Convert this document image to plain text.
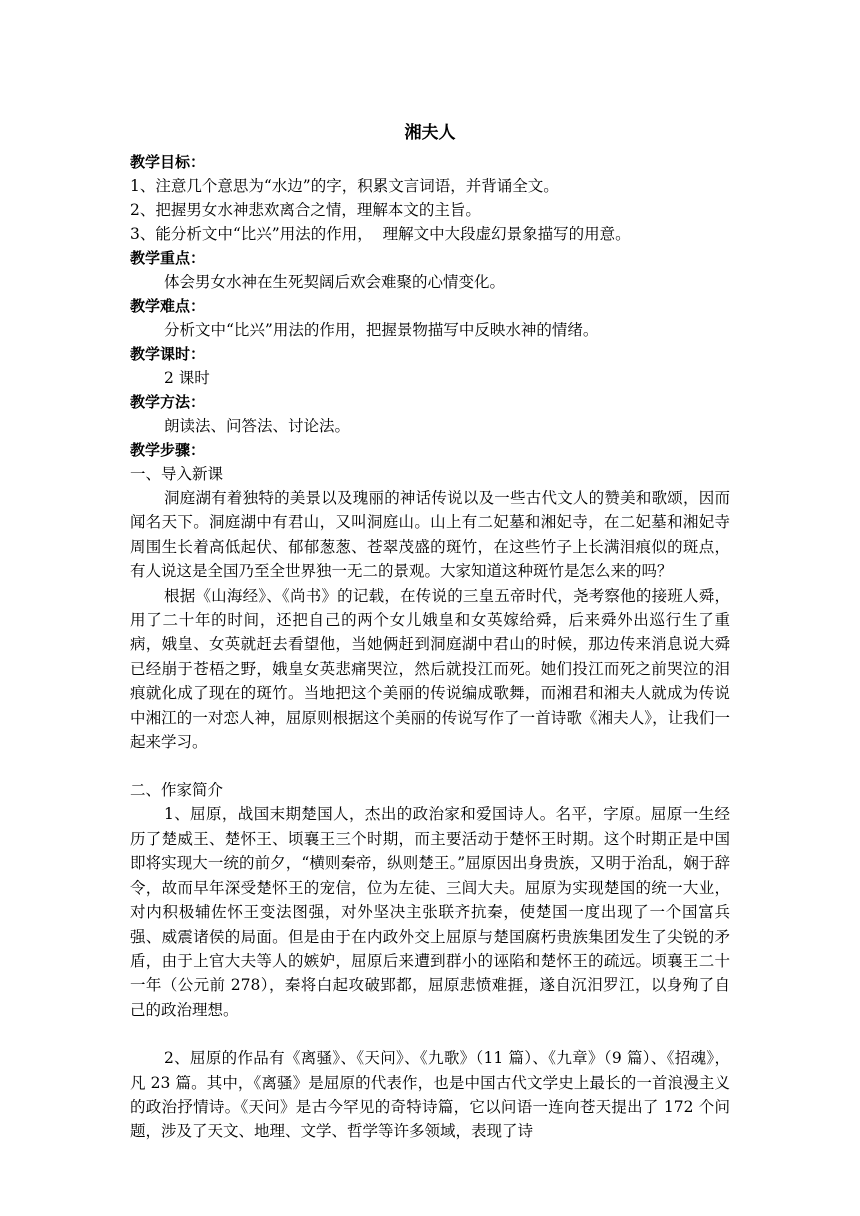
湘夫人
教学目标：
1、注意几个意思为“水边”的字，积累文言词语，并背诵全文。
2、把握男女水神悲欢离合之情，理解本文的主旨。
3、能分析文中“比兴”用法的作用，  理解文中大段虚幻景象描写的用意。
教学重点：
体会男女水神在生死契阔后欢会难聚的心情变化。
教学难点：
分析文中“比兴”用法的作用，把握景物描写中反映水神的情绪。
教学课时：
2 课时
教学方法：
朗读法、问答法、讨论法。
教学步骤：
一、导入新课

洞庭湖有着独特的美景以及瑰丽的神话传说以及一些古代文人的赞美和歌颂，因而闻名天下。洞庭湖中有君山，又叫洞庭山。山上有二妃墓和湘妃寺，在二妃墓和湘妃寺周围生长着高低起伏、郁郁葱葱、苍翠茂盛的斑竹，在这些竹子上长满泪痕似的斑点，有人说这是全国乃至全世界独一无二的景观。大家知道这种斑竹是怎么来的吗？

根据《山海经》、《尚书》的记载，在传说的三皇五帝时代，尧考察他的接班人舜，用了二十年的时间，还把自己的两个女儿娥皇和女英嫁给舜，后来舜外出巡行生了重病，娥皇、女英就赶去看望他，当她俩赶到洞庭湖中君山的时候，那边传来消息说大舜已经崩于苍梧之野，娥皇女英悲痛哭泣，然后就投江而死。她们投江而死之前哭泣的泪痕就化成了现在的斑竹。当地把这个美丽的传说编成歌舞，而湘君和湘夫人就成为传说中湘江的一对恋人神，屈原则根据这个美丽的传说写作了一首诗歌《湘夫人》，让我们一起来学习。

二、作家简介

1、屈原，战国末期楚国人，杰出的政治家和爱国诗人。名平，字原。屈原一生经历了楚威王、楚怀王、顷襄王三个时期，而主要活动于楚怀王时期。这个时期正是中国即将实现大一统的前夕，“横则秦帝，纵则楚王。”屈原因出身贵族，又明于治乱，娴于辞令，故而早年深受楚怀王的宠信，位为左徒、三闾大夫。屈原为实现楚国的统一大业，对内积极辅佐怀王变法图强，对外坚决主张联齐抗秦，使楚国一度出现了一个国富兵强、威震诸侯的局面。但是由于在内政外交上屈原与楚国腐朽贵族集团发生了尖锐的矛盾，由于上官大夫等人的嫉妒，屈原后来遭到群小的诬陷和楚怀王的疏远。顷襄王二十一年（公元前 278），秦将白起攻破郢都，屈原悲愤难捱，遂自沉汨罗江，以身殉了自己的政治理想。

2、屈原的作品有《离骚》、《天问》、《九歌》（11 篇）、《九章》（9 篇）、《招魂》，凡 23 篇。其中，《离骚》是屈原的代表作，也是中国古代文学史上最长的一首浪漫主义的政治抒情诗。《天问》是古今罕见的奇特诗篇，它以问语一连向苍天提出了 172 个问题，涉及了天文、地理、文学、哲学等许多领域，表现了诗
